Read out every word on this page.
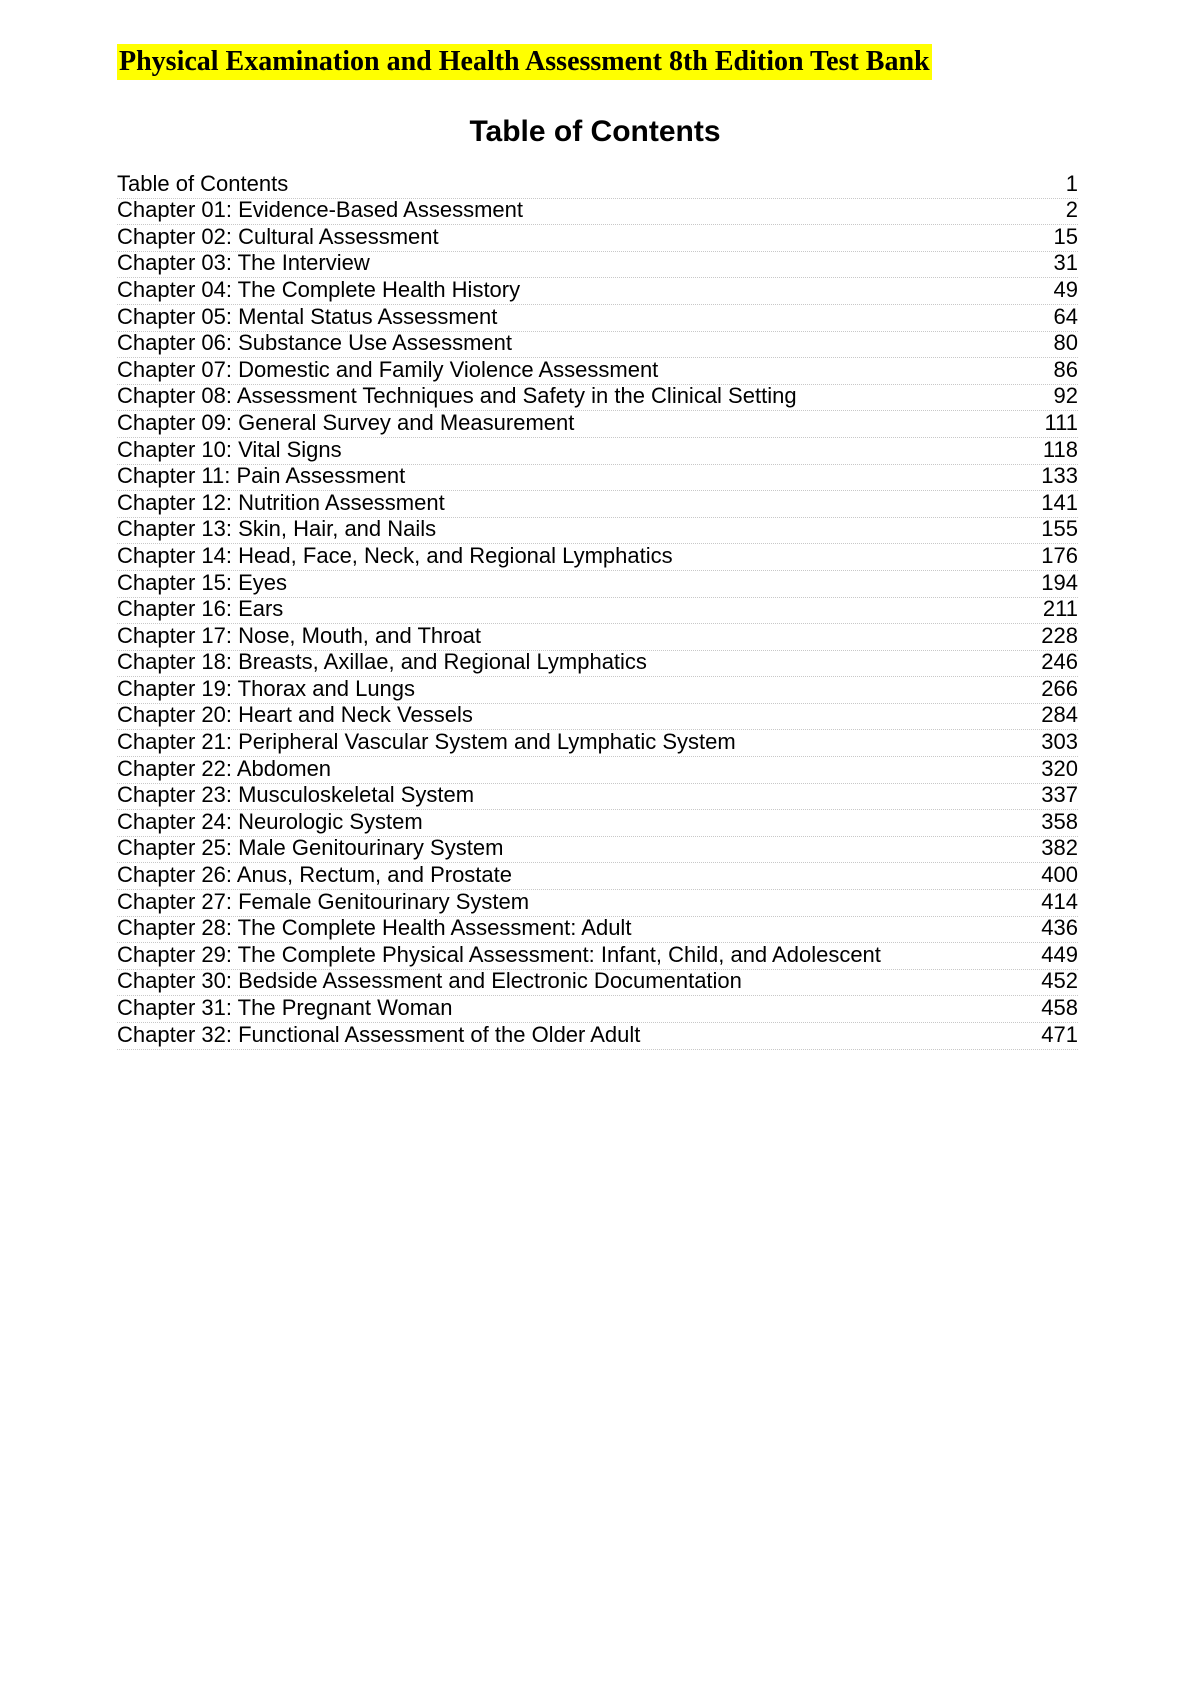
Physical Examination and Health Assessment 8th Edition Test Bank
Table of Contents
Table of Contents	1
Chapter 01: Evidence-Based Assessment	2
Chapter 02: Cultural Assessment	15
Chapter 03: The Interview	31
Chapter 04: The Complete Health History	49
Chapter 05: Mental Status Assessment	64
Chapter 06: Substance Use Assessment	80
Chapter 07: Domestic and Family Violence Assessment	86
Chapter 08: Assessment Techniques and Safety in the Clinical Setting	92
Chapter 09: General Survey and Measurement	111
Chapter 10: Vital Signs	118
Chapter 11: Pain Assessment	133
Chapter 12: Nutrition Assessment	141
Chapter 13: Skin, Hair, and Nails	155
Chapter 14: Head, Face, Neck, and Regional Lymphatics	176
Chapter 15: Eyes	194
Chapter 16: Ears	211
Chapter 17: Nose, Mouth, and Throat	228
Chapter 18: Breasts, Axillae, and Regional Lymphatics	246
Chapter 19: Thorax and Lungs	266
Chapter 20: Heart and Neck Vessels	284
Chapter 21: Peripheral Vascular System and Lymphatic System	303
Chapter 22: Abdomen	320
Chapter 23: Musculoskeletal System	337
Chapter 24: Neurologic System	358
Chapter 25: Male Genitourinary System	382
Chapter 26: Anus, Rectum, and Prostate	400
Chapter 27: Female Genitourinary System	414
Chapter 28: The Complete Health Assessment: Adult	436
Chapter 29: The Complete Physical Assessment: Infant, Child, and Adolescent	449
Chapter 30: Bedside Assessment and Electronic Documentation	452
Chapter 31: The Pregnant Woman	458
Chapter 32: Functional Assessment of the Older Adult	471
